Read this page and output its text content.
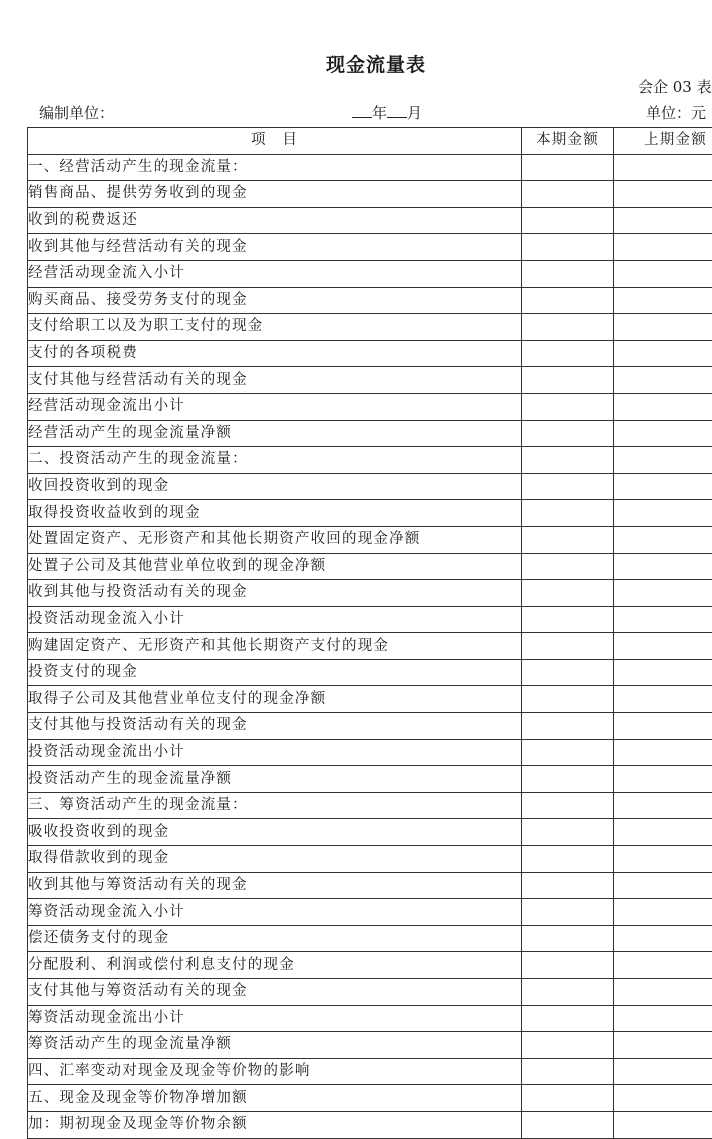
现金流量表
会企 03 表
编制单位：	年 月	单位：元
项　目	本期金额	上期金额
一、经营活动产生的现金流量：		
销售商品、提供劳务收到的现金		
收到的税费返还		
收到其他与经营活动有关的现金		
经营活动现金流入小计		
购买商品、接受劳务支付的现金		
支付给职工以及为职工支付的现金		
支付的各项税费		
支付其他与经营活动有关的现金		
经营活动现金流出小计		
经营活动产生的现金流量净额		
二、投资活动产生的现金流量：		
收回投资收到的现金		
取得投资收益收到的现金		
处置固定资产、无形资产和其他长期资产收回的现金净额		
处置子公司及其他营业单位收到的现金净额		
收到其他与投资活动有关的现金		
投资活动现金流入小计		
购建固定资产、无形资产和其他长期资产支付的现金		
投资支付的现金		
取得子公司及其他营业单位支付的现金净额		
支付其他与投资活动有关的现金		
投资活动现金流出小计		
投资活动产生的现金流量净额		
三、筹资活动产生的现金流量：		
吸收投资收到的现金		
取得借款收到的现金		
收到其他与筹资活动有关的现金		
筹资活动现金流入小计		
偿还债务支付的现金		
分配股利、利润或偿付利息支付的现金		
支付其他与筹资活动有关的现金		
筹资活动现金流出小计		
筹资活动产生的现金流量净额		
四、汇率变动对现金及现金等价物的影响		
五、现金及现金等价物净增加额		
加：期初现金及现金等价物余额		
